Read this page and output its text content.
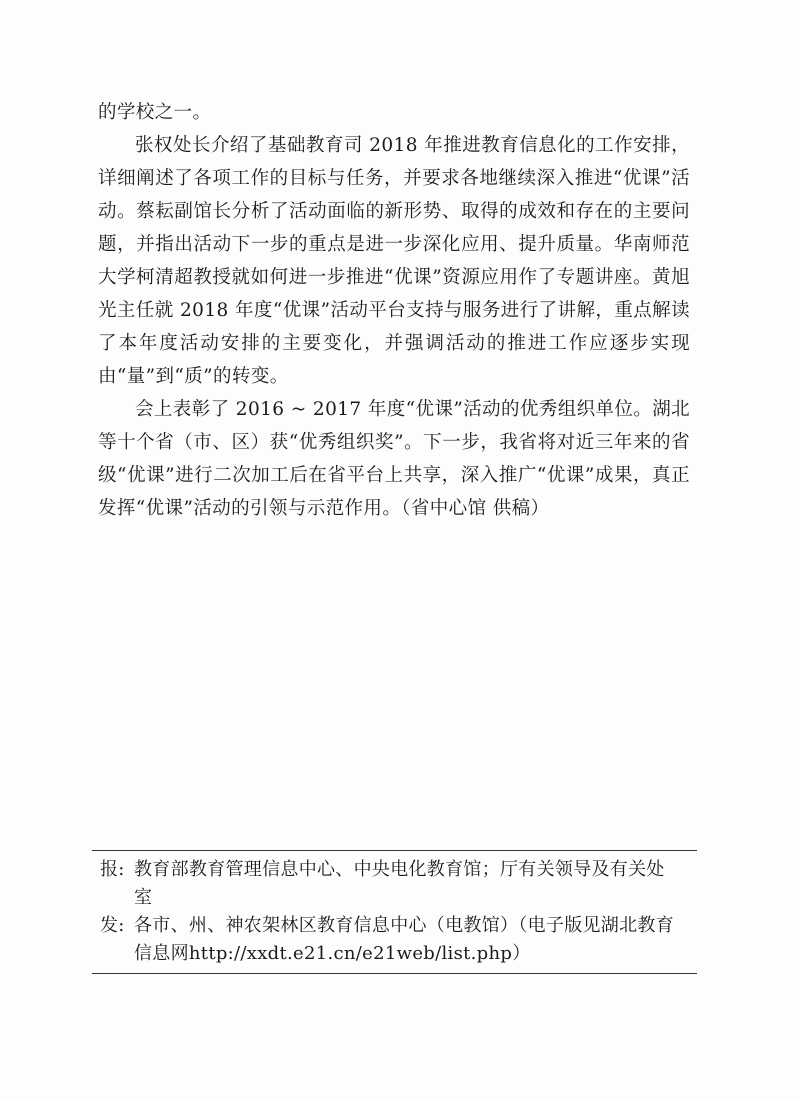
的学校之一。

张权处长介绍了基础教育司 2018 年推进教育信息化的工作安排，详细阐述了各项工作的目标与任务，并要求各地继续深入推进“优课”活动。蔡耘副馆长分析了活动面临的新形势、取得的成效和存在的主要问题，并指出活动下一步的重点是进一步深化应用、提升质量。华南师范大学柯清超教授就如何进一步推进“优课”资源应用作了专题讲座。黄旭光主任就 2018 年度“优课”活动平台支持与服务进行了讲解，重点解读了本年度活动安排的主要变化，并强调活动的推进工作应逐步实现由“量”到“质”的转变。

会上表彰了 2016 ~ 2017 年度“优课”活动的优秀组织单位。湖北等十个省（市、区）获“优秀组织奖”。下一步，我省将对近三年来的省级“优课”进行二次加工后在省平台上共享，深入推广“优课”成果，真正发挥“优课”活动的引领与示范作用。（省中心馆 供稿）

报: 教育部教育管理信息中心、中央电化教育馆；厅有关领导及有关处室
发: 各市、州、神农架林区教育信息中心（电教馆）（电子版见湖北教育信息网http://xxdt.e21.cn/e21web/list.php）
